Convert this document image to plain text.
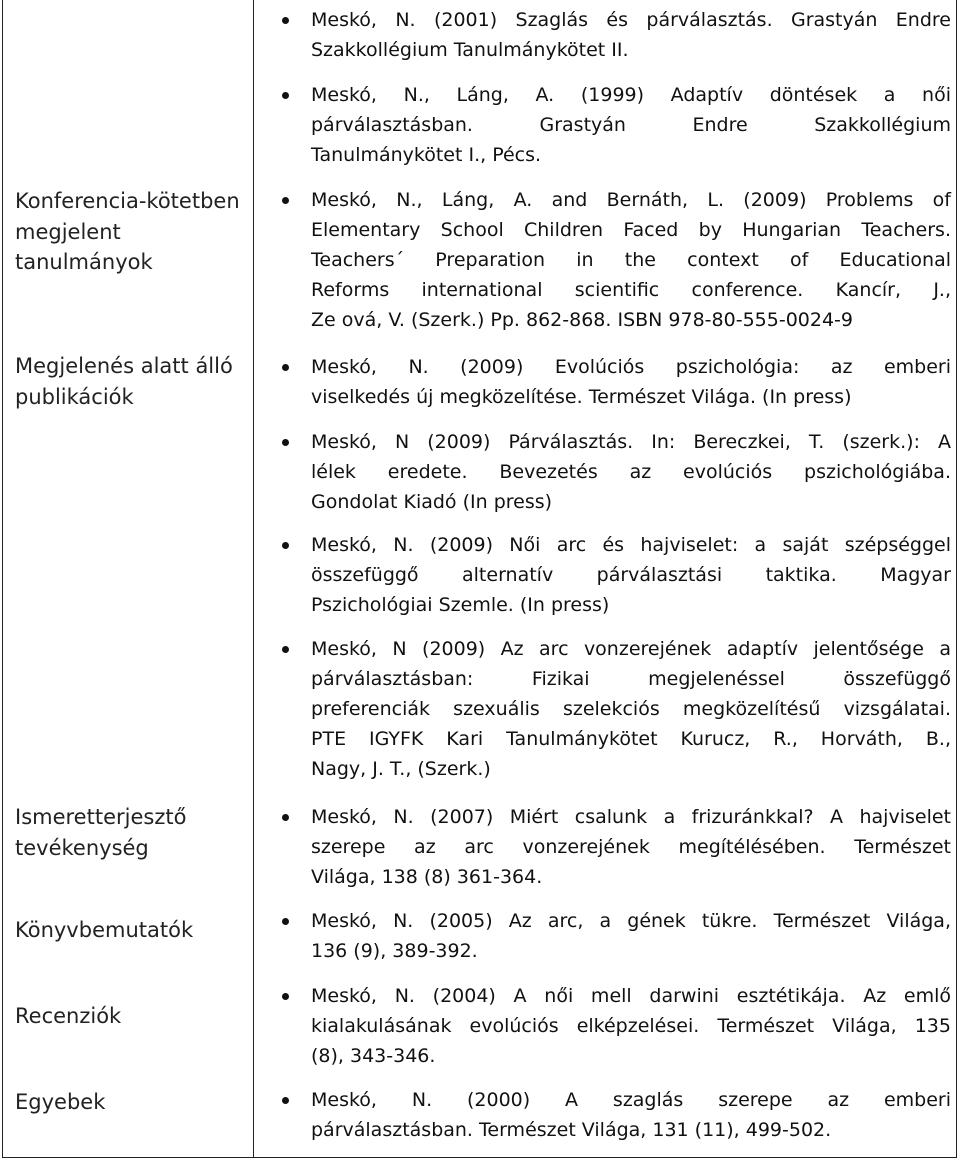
Konferencia-kötetben
megjelent
tanulmányok
Megjelenés alatt álló
publikációk
Ismeretterjesztő
tevékenység
Könyvbemutatók
Recenziók
Egyebek
Meskó, N. (2001) Szaglás és párválasztás. Grastyán Endre
Szakkollégium Tanulmánykötet II.
Meskó, N., Láng, A. (1999) Adaptív döntések a női
párválasztásban. Grastyán Endre Szakkollégium
Tanulmánykötet I., Pécs.
Meskó, N., Láng, A. and Bernáth, L. (2009) Problems of
Elementary School Children Faced by Hungarian Teachers.
Teachers´ Preparation in the context of Educational
Reforms international scientific conference. Kancír, J.,
Ze ová, V. (Szerk.) Pp. 862-868. ISBN 978-80-555-0024-9
Meskó, N. (2009) Evolúciós pszichológia: az emberi
viselkedés új megközelítése. Természet Világa. (In press)
Meskó, N (2009) Párválasztás. In: Bereczkei, T. (szerk.): A
lélek eredete. Bevezetés az evolúciós pszichológiába.
Gondolat Kiadó (In press)
Meskó, N. (2009) Női arc és hajviselet: a saját szépséggel
összefüggő alternatív párválasztási taktika. Magyar
Pszichológiai Szemle. (In press)
Meskó, N (2009) Az arc vonzerejének adaptív jelentősége a
párválasztásban: Fizikai megjelenéssel összefüggő
preferenciák szexuális szelekciós megközelítésű vizsgálatai.
PTE IGYFK Kari Tanulmánykötet Kurucz, R., Horváth, B.,
Nagy, J. T., (Szerk.)
Meskó, N. (2007) Miért csalunk a frizuránkkal? A hajviselet
szerepe az arc vonzerejének megítélésében. Természet
Világa, 138 (8) 361-364.
Meskó, N. (2005) Az arc, a gének tükre. Természet Világa,
136 (9), 389-392.
Meskó, N. (2004) A női mell darwini esztétikája. Az emlő
kialakulásának evolúciós elképzelései. Természet Világa, 135
(8), 343-346.
Meskó, N. (2000) A szaglás szerepe az emberi
párválasztásban. Természet Világa, 131 (11), 499-502.
